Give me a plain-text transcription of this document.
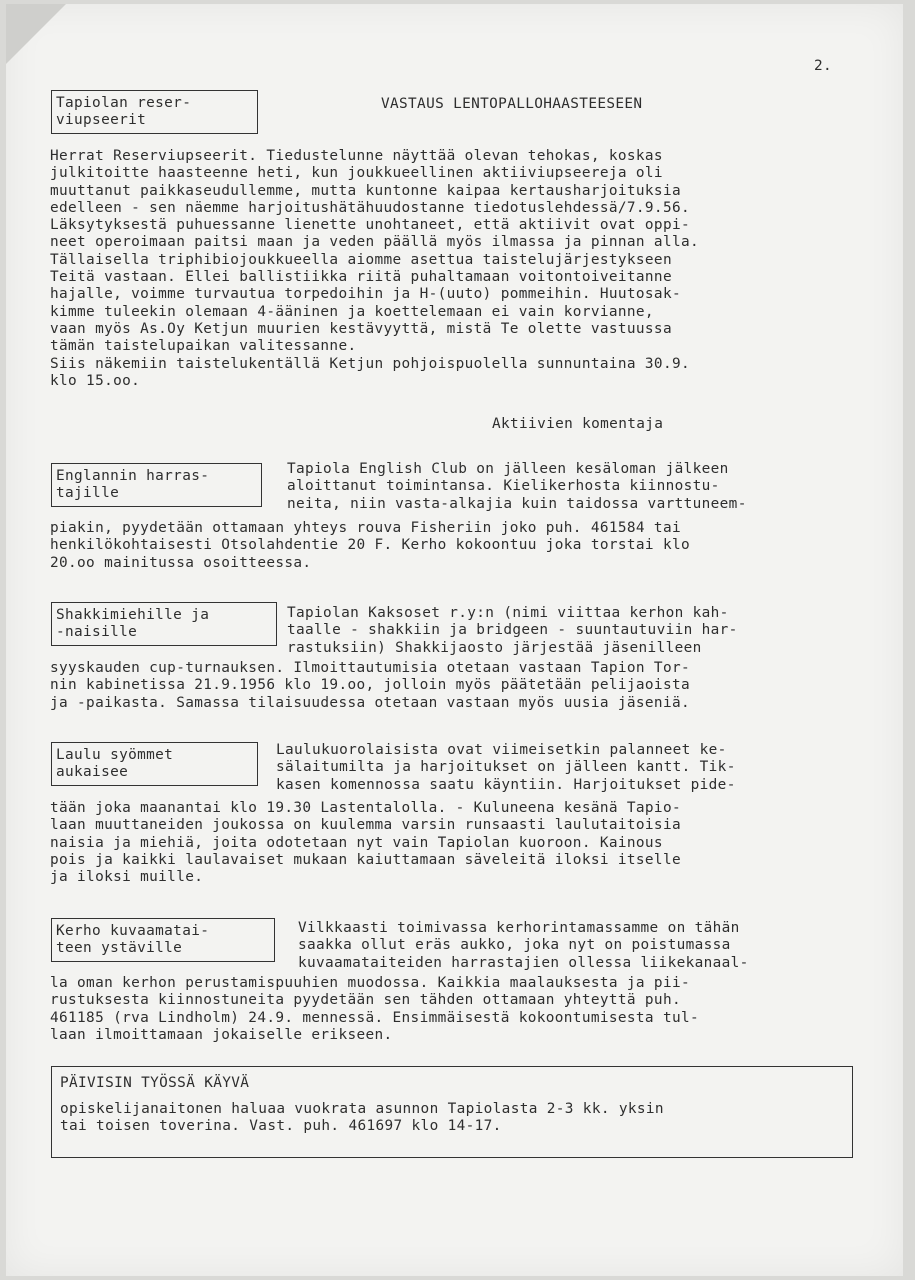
2.
Tapiolan reser-
viupseerit
VASTAUS LENTOPALLOHAASTEESEEN
Herrat Reserviupseerit. Tiedustelunne näyttää olevan tehokas, koskas
julkitoitte haasteenne heti, kun joukkueellinen aktiiviupseereja oli
muuttanut paikkaseudullemme, mutta kuntonne kaipaa kertausharjoituksia
edelleen - sen näemme harjoitushätähuudostanne tiedotuslehdessä/7.9.56.
Läksytyksestä puhuessanne lienette unohtaneet, että aktiivit ovat oppi-
neet operoimaan paitsi maan ja veden päällä myös ilmassa ja pinnan alla.
Tällaisella triphibiojoukkueella aiomme asettua taistelujärjestykseen
Teitä vastaan. Ellei ballistiikka riitä puhaltamaan voitontoiveitanne
hajalle, voimme turvautua torpedoihin ja H-(uuto) pommeihin. Huutosak-
kimme tuleekin olemaan 4-ääninen ja koettelemaan ei vain korvianne,
vaan myös As.Oy Ketjun muurien kestävyyttä, mistä Te olette vastuussa
tämän taistelupaikan valitessanne.
Siis näkemiin taistelukentällä Ketjun pohjoispuolella sunnuntaina 30.9.
klo 15.oo.
Aktiivien komentaja
Englannin harras-
tajille
Tapiola English Club on jälleen kesäloman jälkeen
aloittanut toimintansa. Kielikerhosta kiinnostu-
neita, niin vasta-alkajia kuin taidossa varttuneem-
piakin, pyydetään ottamaan yhteys rouva Fisheriin joko puh. 461584 tai
henkilökohtaisesti Otsolahdentie 20 F. Kerho kokoontuu joka torstai klo
20.oo mainitussa osoitteessa.
Shakkimiehille ja
-naisille
Tapiolan Kaksoset r.y:n (nimi viittaa kerhon kah-
taalle - shakkiin ja bridgeen - suuntautuviin har-
rastuksiin) Shakkijaosto järjestää jäsenilleen
syyskauden cup-turnauksen. Ilmoittautumisia otetaan vastaan Tapion Tor-
nin kabinetissa 21.9.1956 klo 19.oo, jolloin myös päätetään pelijaoista
ja -paikasta. Samassa tilaisuudessa otetaan vastaan myös uusia jäseniä.
Laulu syömmet
aukaisee
Laulukuorolaisista ovat viimeisetkin palanneet ke-
sälaitumilta ja harjoitukset on jälleen kantt. Tik-
kasen komennossa saatu käyntiin. Harjoitukset pide-
tään joka maanantai klo 19.30 Lastentalolla. - Kuluneena kesänä Tapio-
laan muuttaneiden joukossa on kuulemma varsin runsaasti laulutaitoisia
naisia ja miehiä, joita odotetaan nyt vain Tapiolan kuoroon. Kainous
pois ja kaikki laulavaiset mukaan kaiuttamaan säveleitä iloksi itselle
ja iloksi muille.
Kerho kuvaamatai-
teen ystäville
Vilkkaasti toimivassa kerhorintamassamme on tähän
saakka ollut eräs aukko, joka nyt on poistumassa
kuvaamataiteiden harrastajien ollessa liikekanaal-
la oman kerhon perustamispuuhien muodossa. Kaikkia maalauksesta ja pii-
rustuksesta kiinnostuneita pyydetään sen tähden ottamaan yhteyttä puh.
461185 (rva Lindholm) 24.9. mennessä. Ensimmäisestä kokoontumisesta tul-
laan ilmoittamaan jokaiselle erikseen.
PÄIVISIN TYÖSSÄ KÄYVÄ
opiskelijanaitonen haluaa vuokrata asunnon Tapiolasta 2-3 kk. yksin
tai toisen toverina. Vast. puh. 461697 klo 14-17.
